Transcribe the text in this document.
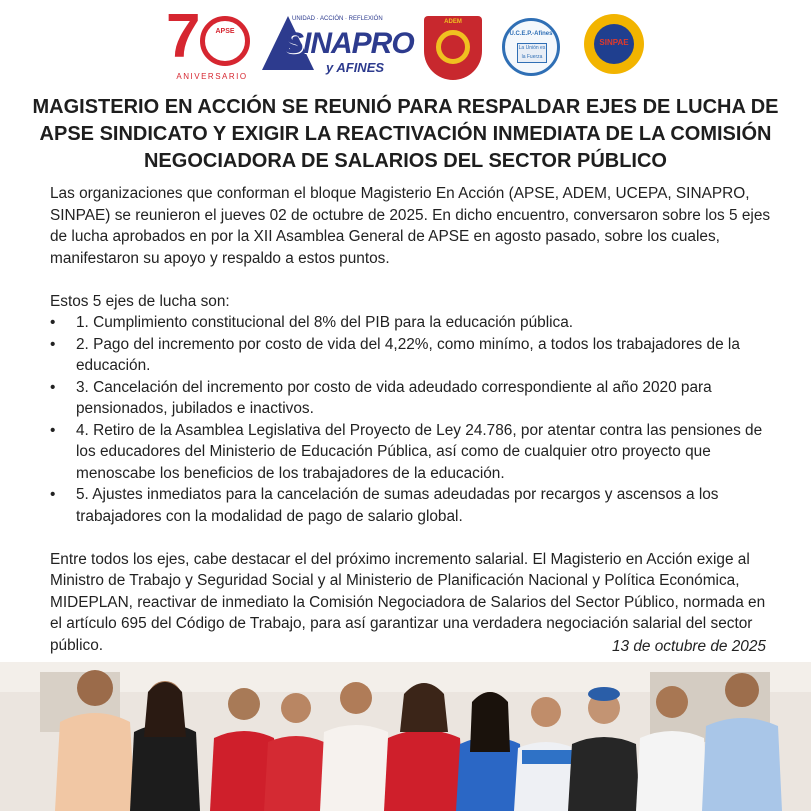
7	APSE
ANIVERSARIO
UNIDAD · ACCIÓN · REFLEXIÓN
SINAPRO
y AFINES
ADEM
U.C.E.P.-Afines
La Unión es la Fuerza
SINPAE
MAGISTERIO EN ACCIÓN SE REUNIÓ PARA RESPALDAR EJES DE LUCHA DE APSE SINDICATO Y EXIGIR LA REACTIVACIÓN INMEDIATA DE LA COMISIÓN NEGOCIADORA DE SALARIOS DEL SECTOR PÚBLICO

Las organizaciones que conforman el bloque Magisterio En Acción (APSE, ADEM, UCEPA, SINAPRO, SINPAE) se reunieron el jueves 02 de octubre de 2025. En dicho encuentro, conversaron sobre los 5 ejes de lucha aprobados en por la XII Asamblea General de APSE en agosto pasado, sobre los cuales, manifestaron su apoyo y respaldo a estos puntos.

Estos 5 ejes de lucha son:

•	1. Cumplimiento constitucional del 8% del PIB para la educación pública.
•	2. Pago del incremento por costo de vida del 4,22%, como minímo, a todos los trabajadores de la educación.
•	3. Cancelación del incremento por costo de vida adeudado correspondiente al año 2020 para pensionados, jubilados e inactivos.
•	4. Retiro de la Asamblea Legislativa del Proyecto de Ley 24.786, por atentar contra las pensiones de los educadores del Ministerio de Educación Pública, así como de cualquier otro proyecto que menoscabe los beneficios de los trabajadores de la educación.
•	5. Ajustes inmediatos para la cancelación de sumas adeudadas por recargos y ascensos a los trabajadores con la modalidad de pago de salario global.

Entre todos los ejes, cabe destacar el del próximo incremento salarial. El Magisterio en Acción exige al Ministro de Trabajo y Seguridad Social y al Ministerio de Planificación Nacional y Política Económica, MIDEPLAN, reactivar de inmediato la Comisión Negociadora de Salarios del Sector Público, normada en el artículo 695 del Código de Trabajo, para así garantizar una verdadera negociación salarial del sector público.	13 de octubre de 2025
